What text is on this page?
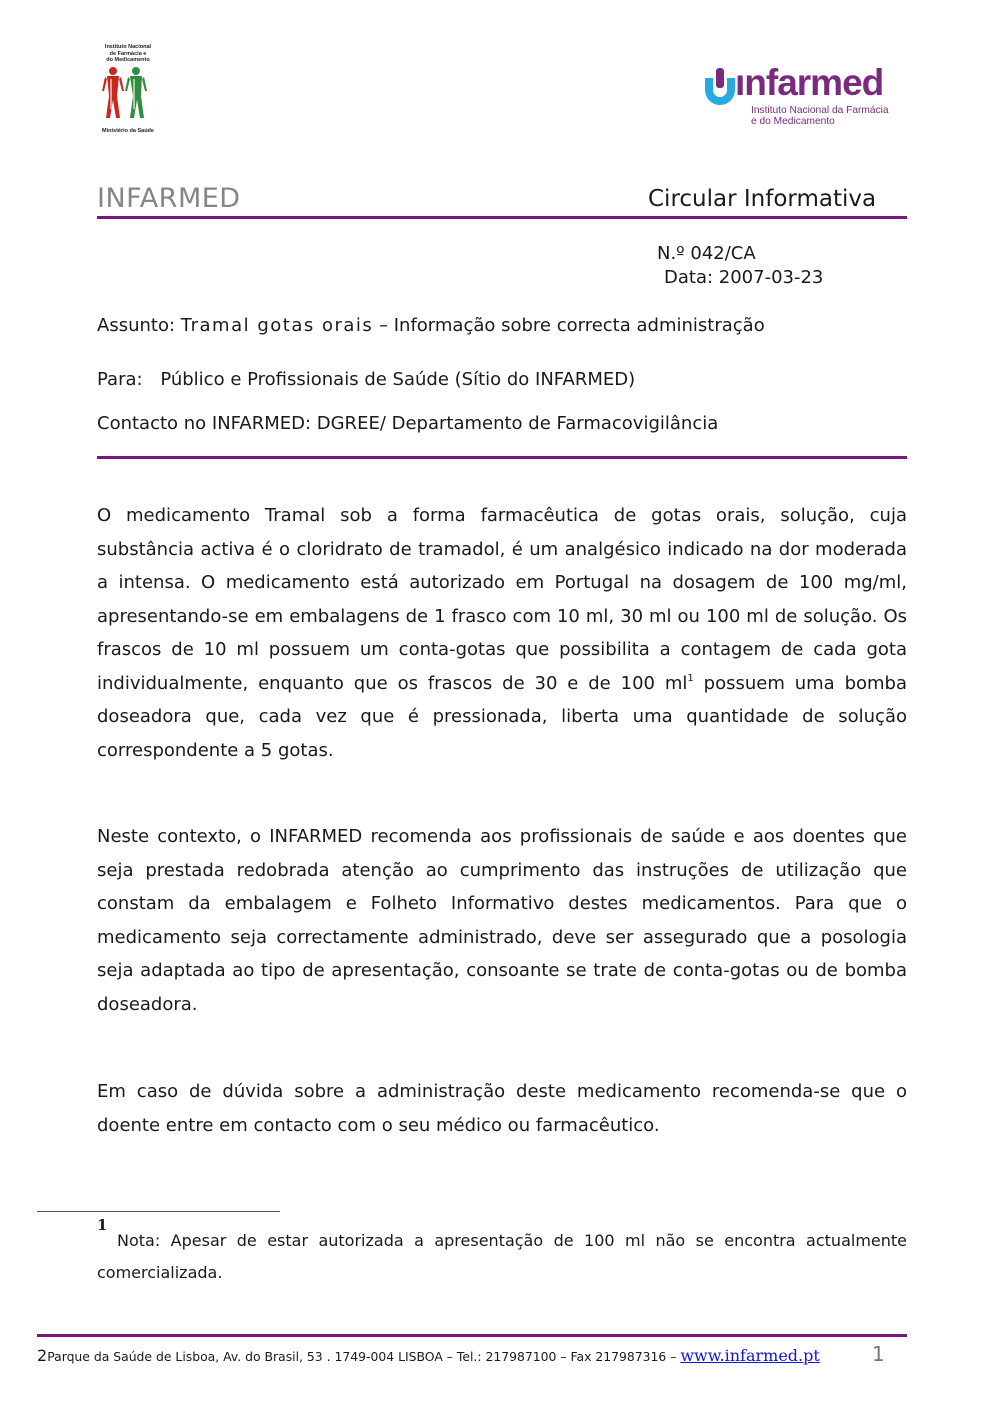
Instituto Nacional
de Farmácia e
do Medicamento
Ministério da Saúde
ınfarmed
Instituto Nacional da Farmácia
e do Medicamento
INFARMED	Circular Informativa
N.º 042/CA
Data: 2007-03-23
Assunto: Tramal gotas orais – Informação sobre correcta administração
Para: Público e Profissionais de Saúde (Sítio do INFARMED)
Contacto no INFARMED: DGREE/ Departamento de Farmacovigilância

O medicamento Tramal sob a forma farmacêutica de gotas orais, solução, cuja substância activa é o cloridrato de tramadol, é um analgésico indicado na dor moderada a intensa. O medicamento está autorizado em Portugal na dosagem de 100 mg/ml, apresentando-se em embalagens de 1 frasco com 10 ml, 30 ml ou 100 ml de solução. Os frascos de 10 ml possuem um conta-gotas que possibilita a contagem de cada gota individualmente, enquanto que os frascos de 30 e de 100 $ml^1$ possuem uma bomba doseadora que, cada vez que é pressionada, liberta uma quantidade de solução correspondente a 5 gotas.

Neste contexto, o INFARMED recomenda aos profissionais de saúde e aos doentes que seja prestada redobrada atenção ao cumprimento das instruções de utilização que constam da embalagem e Folheto Informativo destes medicamentos. Para que o medicamento seja correctamente administrado, deve ser assegurado que a posologia seja adaptada ao tipo de apresentação, consoante se trate de conta-gotas ou de bomba doseadora.

Em caso de dúvida sobre a administração deste medicamento recomenda-se que o doente entre em contacto com o seu médico ou farmacêutico.

1

Nota: Apesar de estar autorizada a apresentação de 100 ml não se encontra actualmente comercializada.

2Parque da Saúde de Lisboa, Av. do Brasil, 53 . 1749-004 LISBOA – Tel.: 217987100 – Fax 217987316 – www.infarmed.pt	1
